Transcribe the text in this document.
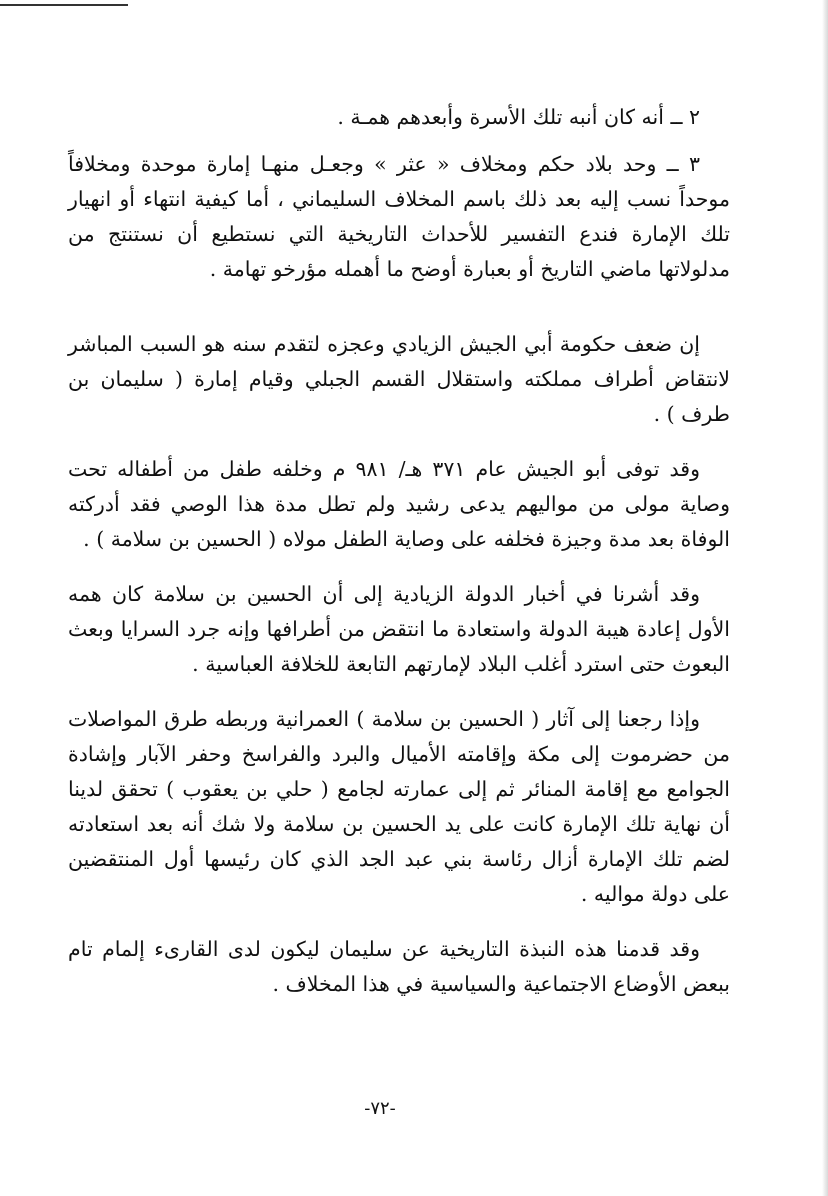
٢ ــ أنه كان أنبه تلك الأسرة وأبعدهم همـة .

٣ ــ وحد بلاد حكم ومخلاف « عثر » وجعـل منهـا إمارة موحدة ومخلافاً موحداً نسب إليه بعد ذلك باسم المخلاف السليماني ، أما كيفية انتهاء أو انهيار تلك الإمارة فندع التفسير للأحداث التاريخية التي نستطيع أن نستنتج من مدلولاتها ماضي التاريخ أو بعبارة أوضح ما أهمله مؤرخو تهامة .

إن ضعف حكومة أبي الجيش الزيادي وعجزه لتقدم سنه هو السبب المباشر لانتقاض أطراف مملكته واستقلال القسم الجبلي وقيام إمارة ( سليمان بن طرف ) .

وقد توفى أبو الجيش عام ٣٧١ هـ/ ٩٨١ م وخلفه طفل من أطفاله تحت وصاية مولى من مواليهم يدعى رشيد ولم تطل مدة هذا الوصي فقد أدركته الوفاة بعد مدة وجيزة فخلفه على وصاية الطفل مولاه ( الحسين بن سلامة ) .

وقد أشرنا في أخبار الدولة الزيادية إلى أن الحسين بن سلامة كان همه الأول إعادة هيبة الدولة واستعادة ما انتقض من أطرافها وإنه جرد السرايا وبعث البعوث حتى استرد أغلب البلاد لإمارتهم التابعة للخلافة العباسية .

وإذا رجعنا إلى آثار ( الحسين بن سلامة ) العمرانية وربطه طرق المواصلات من حضرموت إلى مكة وإقامته الأميال والبرد والفراسخ وحفر الآبار وإشادة الجوامع مع إقامة المنائر ثم إلى عمارته لجامع ( حلي بن يعقوب ) تحقق لدينا أن نهاية تلك الإمارة كانت على يد الحسين بن سلامة ولا شك أنه بعد استعادته لضم تلك الإمارة أزال رئاسة بني عبد الجد الذي كان رئيسها أول المنتقضين على دولة مواليه .

وقد قدمنا هذه النبذة التاريخية عن سليمان ليكون لدى القارىء إلمام تام ببعض الأوضاع الاجتماعية والسياسية في هذا المخلاف .

-٧٢-
